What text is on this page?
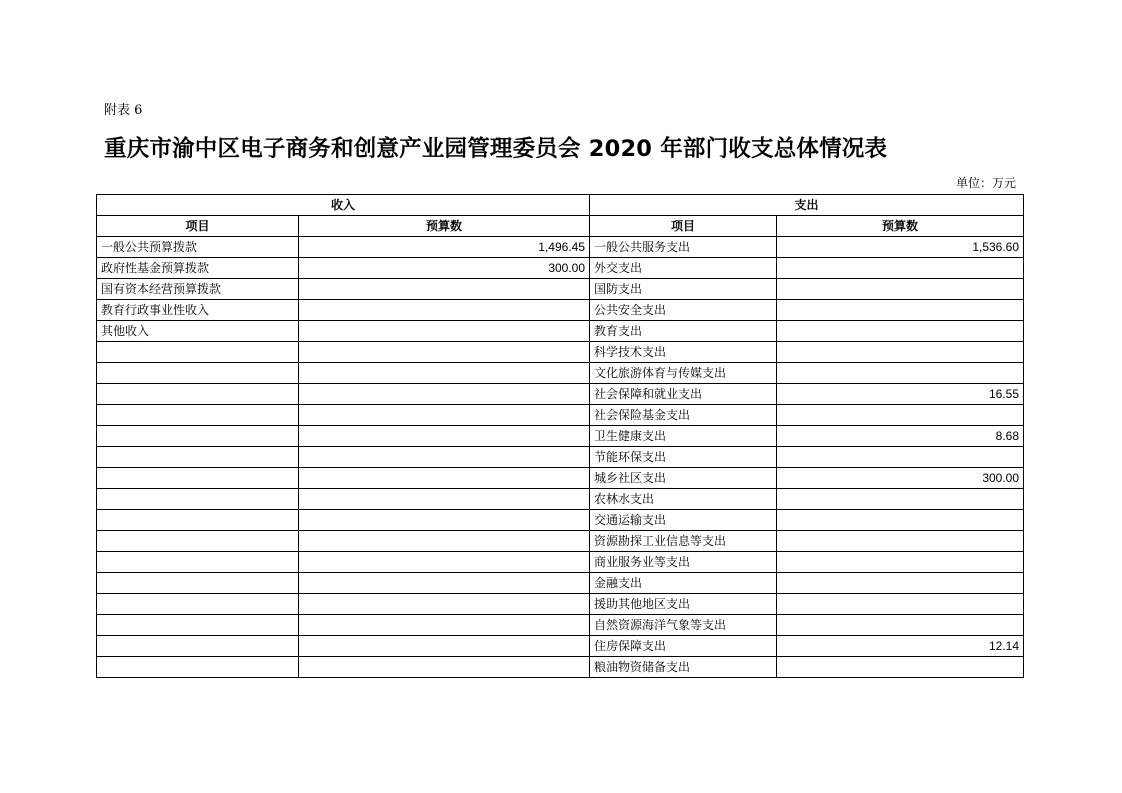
附表 6
重庆市渝中区电子商务和创意产业园管理委员会 2020 年部门收支总体情况表
单位：万元
收入		支出	
项目	预算数	项目	预算数
一般公共预算拨款	1,496.45	一般公共服务支出	1,536.60
政府性基金预算拨款	300.00	外交支出	
国有资本经营预算拨款		国防支出	
教育行政事业性收入		公共安全支出	
其他收入		教育支出	
		科学技术支出	
		文化旅游体育与传媒支出	
		社会保障和就业支出	16.55
		社会保险基金支出	
		卫生健康支出	8.68
		节能环保支出	
		城乡社区支出	300.00
		农林水支出	
		交通运输支出	
		资源勘探工业信息等支出	
		商业服务业等支出	
		金融支出	
		援助其他地区支出	
		自然资源海洋气象等支出	
		住房保障支出	12.14
		粮油物资储备支出	
